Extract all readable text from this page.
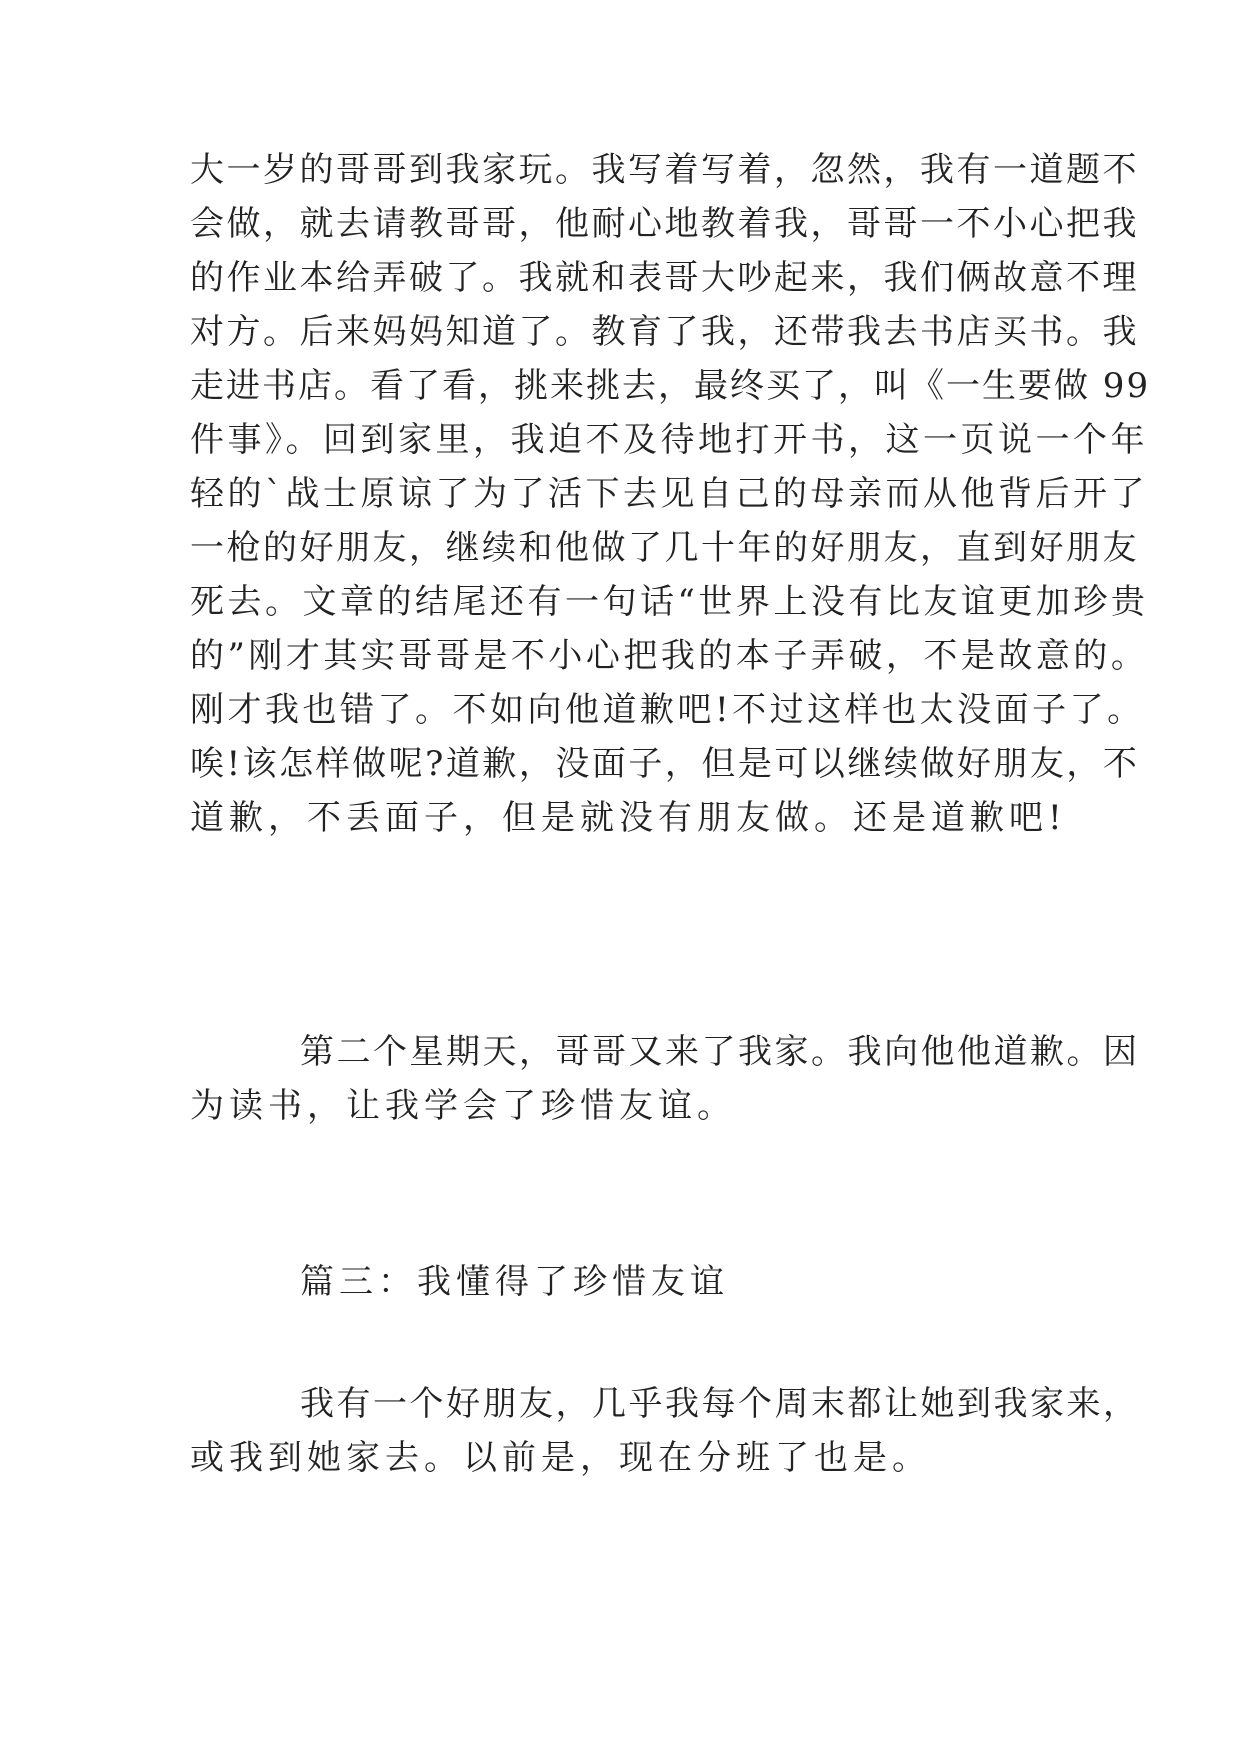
大一岁的哥哥到我家玩。我写着写着，忽然，我有一道题不
会做，就去请教哥哥，他耐心地教着我，哥哥一不小心把我
的作业本给弄破了。我就和表哥大吵起来，我们俩故意不理
对方。后来妈妈知道了。教育了我，还带我去书店买书。我
走进书店。看了看，挑来挑去，最终买了，叫《一生要做 99
件事》。回到家里，我迫不及待地打开书，这一页说一个年
轻的`战士原谅了为了活下去见自己的母亲而从他背后开了
一枪的好朋友，继续和他做了几十年的好朋友，直到好朋友
死去。文章的结尾还有一句话“世界上没有比友谊更加珍贵
的”刚才其实哥哥是不小心把我的本子弄破，不是故意的。
刚才我也错了。不如向他道歉吧!不过这样也太没面子了。
唉!该怎样做呢?道歉，没面子，但是可以继续做好朋友，不
道歉，不丢面子，但是就没有朋友做。还是道歉吧!
第二个星期天，哥哥又来了我家。我向他他道歉。因
为读书，让我学会了珍惜友谊。
篇三：我懂得了珍惜友谊
我有一个好朋友，几乎我每个周末都让她到我家来，
或我到她家去。以前是，现在分班了也是。
